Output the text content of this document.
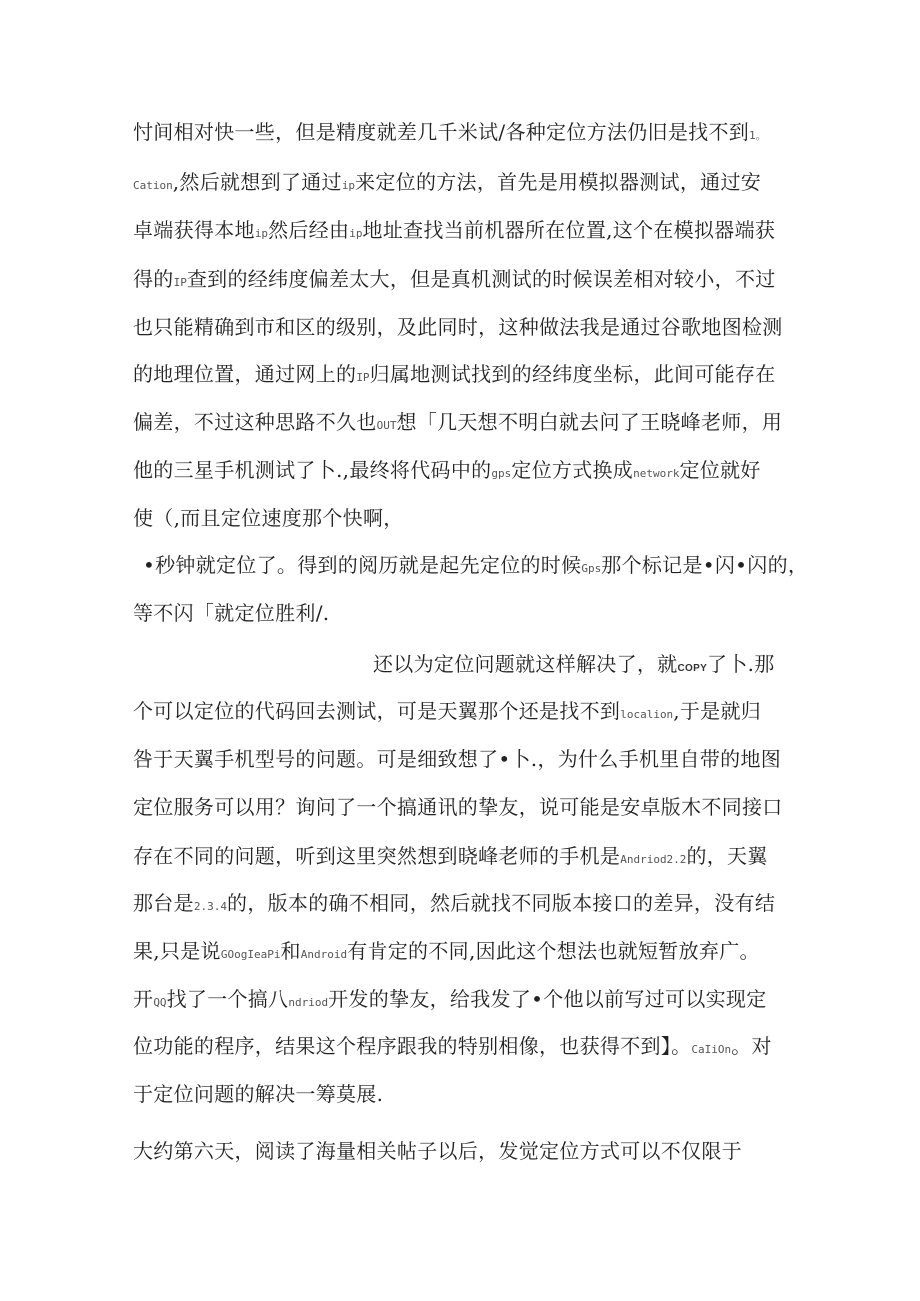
忖间相对快一些，但是精度就差几千米试/各种定位方法仍旧是找不到1。
Cation,然后就想到了通过ip来定位的方法，首先是用模拟器测试，通过安
卓端获得本地ip然后经由ip地址查找当前机器所在位置,这个在模拟器端获
得的IP查到的经纬度偏差太大，但是真机测试的时候误差相对较小，不过
也只能精确到市和区的级别，及此同时，这种做法我是通过谷歌地图检测
的地理位置，通过网上的IP归属地测试找到的经纬度坐标，此间可能存在
偏差，不过这种思路不久也OUT想「几天想不明白就去问了王晓峰老师，用
他的三星手机测试了卜.,最终将代码中的gps定位方式换成network定位就好
使（,而且定位速度那个快啊，
•秒钟就定位了。得到的阅历就是起先定位的时候Gps那个标记是•闪•闪的，
等不闪「就定位胜利/.
还以为定位问题就这样解决了，就COPY了卜.那
个可以定位的代码回去测试，可是天翼那个还是找不到localion,于是就归
咎于天翼手机型号的问题。可是细致想了•卜.，为什么手机里自带的地图
定位服务可以用？询问了一个搞通讯的挚友，说可能是安卓版木不同接口
存在不同的问题，听到这里突然想到晓峰老师的手机是Andriod2.2的，天翼
那台是2.3.4的，版本的确不相同，然后就找不同版本接口的差异，没有结
果,只是说GOogIeaPi和Android有肯定的不同,因此这个想法也就短暂放弃广。
开QQ找了一个搞八ndriod开发的挚友，给我发了•个他以前写过可以实现定
位功能的程序，结果这个程序跟我的特别相像，也获得不到】。CaIiOn。对
于定位问题的解决一筹莫展.
大约第六天，阅读了海量相关帖子以后，发觉定位方式可以不仅限于
